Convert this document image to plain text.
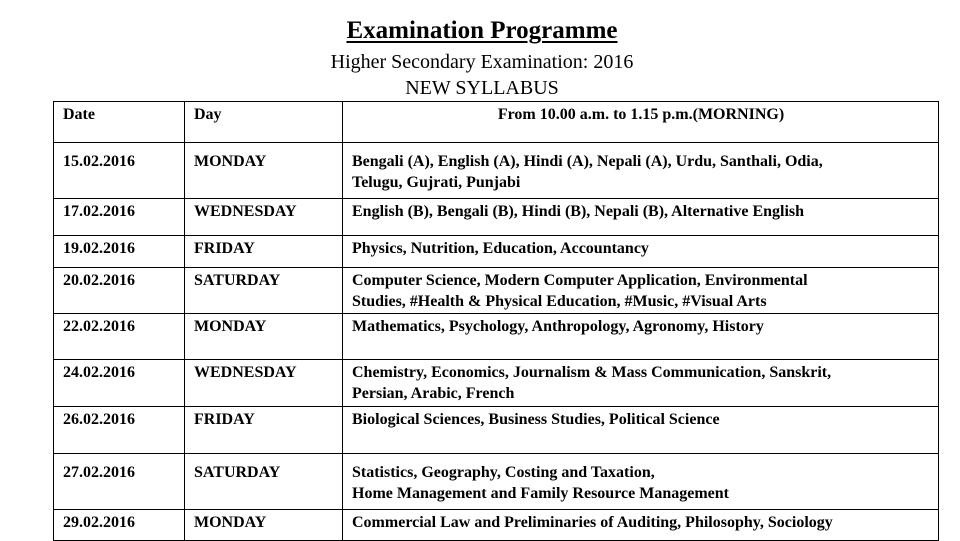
Examination Programme
Higher Secondary Examination: 2016
NEW SYLLABUS
Date	Day	From 10.00 a.m. to 1.15 p.m.(MORNING)
15.02.2016	MONDAY	Bengali (A), English (A), Hindi (A), Nepali (A), Urdu, Santhali, Odia,
Telugu, Gujrati, Punjabi

17.02.2016	WEDNESDAY	English (B), Bengali (B), Hindi (B), Nepali (B), Alternative English

19.02.2016	FRIDAY	Physics, Nutrition, Education, Accountancy

20.02.2016	SATURDAY	Computer Science, Modern Computer Application, Environmental
Studies, #Health & Physical Education, #Music, #Visual Arts

22.02.2016	MONDAY	Mathematics, Psychology, Anthropology, Agronomy, History

24.02.2016	WEDNESDAY	Chemistry, Economics, Journalism & Mass Communication, Sanskrit,
Persian, Arabic, French

26.02.2016	FRIDAY	Biological Sciences, Business Studies, Political Science

27.02.2016	SATURDAY	Statistics, Geography, Costing and Taxation,
Home Management and Family Resource Management

29.02.2016	MONDAY	Commercial Law and Preliminaries of Auditing, Philosophy, Sociology
